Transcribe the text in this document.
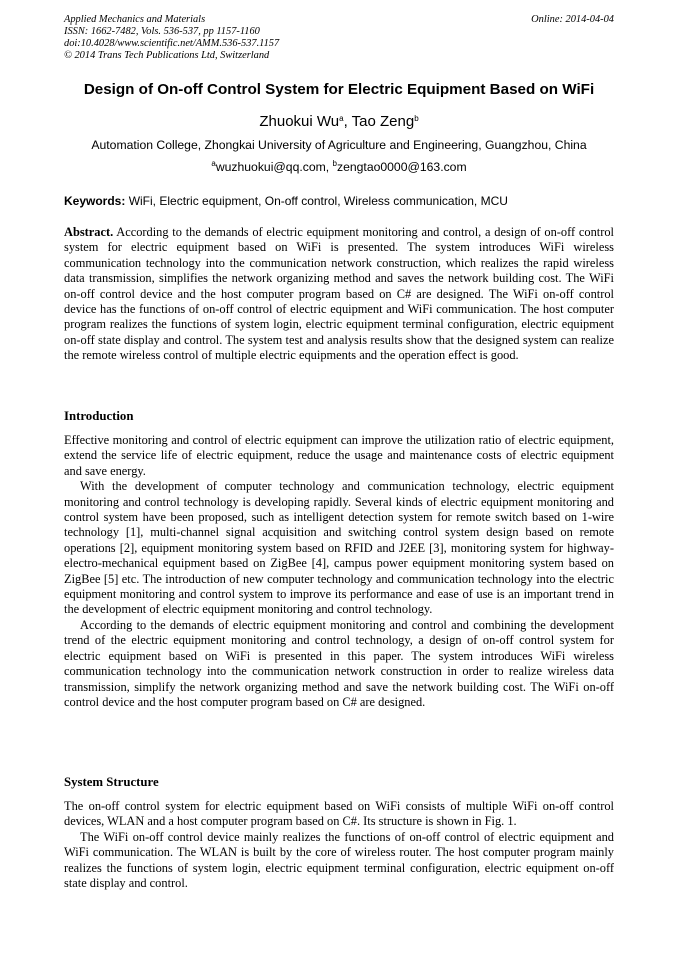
Applied Mechanics and Materials
ISSN: 1662-7482, Vols. 536-537, pp 1157-1160
doi:10.4028/www.scientific.net/AMM.536-537.1157
© 2014 Trans Tech Publications Ltd, Switzerland
Online: 2014-04-04
Design of On-off Control System for Electric Equipment Based on WiFi
Zhuokui Wu$^a$, Tao Zeng$^b$
Automation College, Zhongkai University of Agriculture and Engineering, Guangzhou, China
$^a$wuzhuokui@qq.com, $^b$zengtao0000@163.com
Keywords: WiFi, Electric equipment, On-off control, Wireless communication, MCU

Abstract. According to the demands of electric equipment monitoring and control, a design of on-off control system for electric equipment based on WiFi is presented. The system introduces WiFi wireless communication technology into the communication network construction, which realizes the rapid wireless data transmission, simplifies the network organizing method and saves the network building cost. The WiFi on-off control device and the host computer program based on C# are designed. The WiFi on-off control device has the functions of on-off control of electric equipment and WiFi communication. The host computer program realizes the functions of system login, electric equipment terminal configuration, electric equipment on-off state display and control. The system test and analysis results show that the designed system can realize the remote wireless control of multiple electric equipments and the operation effect is good.

Introduction

Effective monitoring and control of electric equipment can improve the utilization ratio of electric equipment, extend the service life of electric equipment, reduce the usage and maintenance costs of electric equipment and save energy.

With the development of computer technology and communication technology, electric equipment monitoring and control technology is developing rapidly. Several kinds of electric equipment monitoring and control system have been proposed, such as intelligent detection system for remote switch based on 1-wire technology [1], multi-channel signal acquisition and switching control system design based on remote operations [2], equipment monitoring system based on RFID and J2EE [3], monitoring system for highway-electro-mechanical equipment based on ZigBee [4], campus power equipment monitoring system based on ZigBee [5] etc. The introduction of new computer technology and communication technology into the electric equipment monitoring and control system to improve its performance and ease of use is an important trend in the development of electric equipment monitoring and control technology.

According to the demands of electric equipment monitoring and control and combining the development trend of the electric equipment monitoring and control technology, a design of on-off control system for electric equipment based on WiFi is presented in this paper. The system introduces WiFi wireless communication technology into the communication network construction in order to realize wireless data transmission, simplify the network organizing method and save the network building cost. The WiFi on-off control device and the host computer program based on C# are designed.

System Structure

The on-off control system for electric equipment based on WiFi consists of multiple WiFi on-off control devices, WLAN and a host computer program based on C#. Its structure is shown in Fig. 1.

The WiFi on-off control device mainly realizes the functions of on-off control of electric equipment and WiFi communication. The WLAN is built by the core of wireless router. The host computer program mainly realizes the functions of system login, electric equipment terminal configuration, electric equipment on-off state display and control.
